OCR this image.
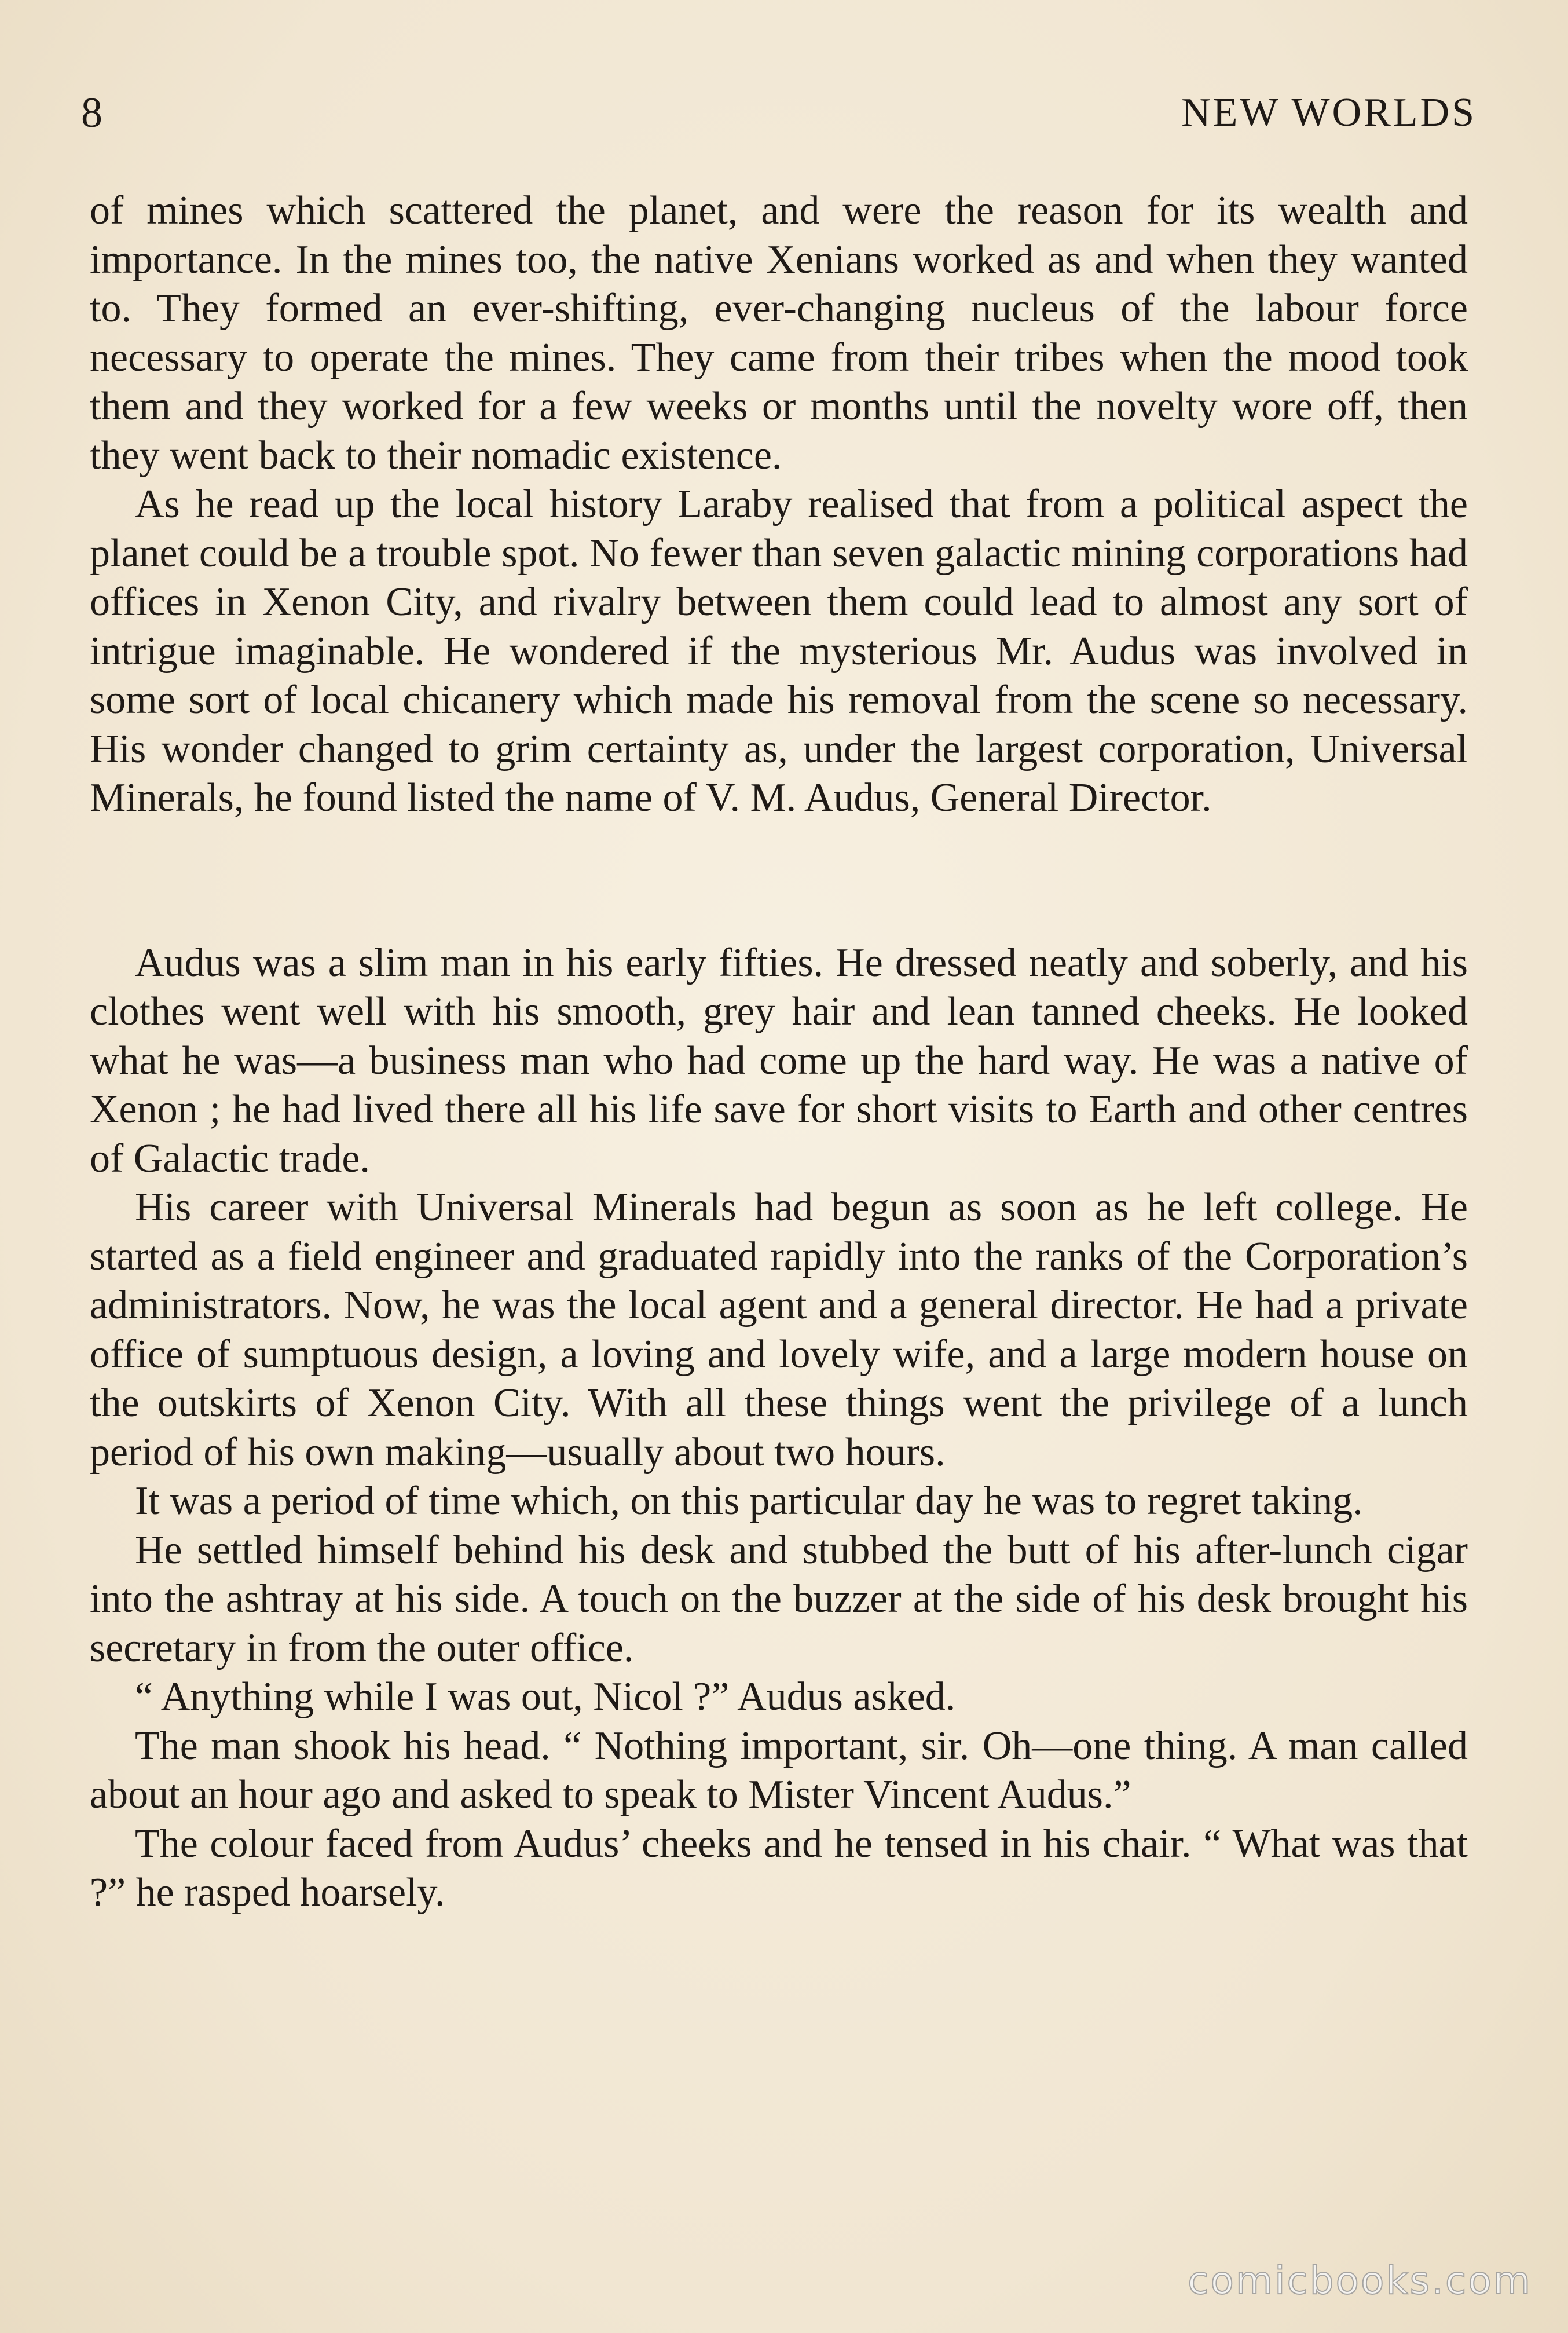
8	NEW WORLDS

of mines which scattered the planet, and were the reason for its wealth and importance. In the mines too, the native Xenians worked as and when they wanted to. They formed an ever-shifting, ever-changing nucleus of the labour force necessary to operate the mines. They came from their tribes when the mood took them and they worked for a few weeks or months until the novelty wore off, then they went back to their nomadic existence.

As he read up the local history Laraby realised that from a political aspect the planet could be a trouble spot. No fewer than seven galactic mining corporations had offices in Xenon City, and rivalry between them could lead to almost any sort of intrigue imaginable. He wondered if the mysterious Mr. Audus was involved in some sort of local chicanery which made his removal from the scene so necessary. His wonder changed to grim certainty as, under the largest corporation, Universal Minerals, he found listed the name of V. M. Audus, General Director.

Audus was a slim man in his early fifties. He dressed neatly and soberly, and his clothes went well with his smooth, grey hair and lean tanned cheeks. He looked what he was—a business man who had come up the hard way. He was a native of Xenon ; he had lived there all his life save for short visits to Earth and other centres of Galactic trade.

His career with Universal Minerals had begun as soon as he left college. He started as a field engineer and graduated rapidly into the ranks of the Corporation’s administrators. Now, he was the local agent and a general director. He had a private office of sumptuous design, a loving and lovely wife, and a large modern house on the outskirts of Xenon City. With all these things went the privilege of a lunch period of his own making—usually about two hours.

It was a period of time which, on this particular day he was to regret taking.

He settled himself behind his desk and stubbed the butt of his after-lunch cigar into the ashtray at his side. A touch on the buzzer at the side of his desk brought his secretary in from the outer office.

“ Anything while I was out, Nicol ?” Audus asked.

The man shook his head. “ Nothing important, sir. Oh—one thing. A man called about an hour ago and asked to speak to Mister Vincent Audus.”

The colour faced from Audus’ cheeks and he tensed in his chair. “ What was that ?” he rasped hoarsely.

comicbooks.com
